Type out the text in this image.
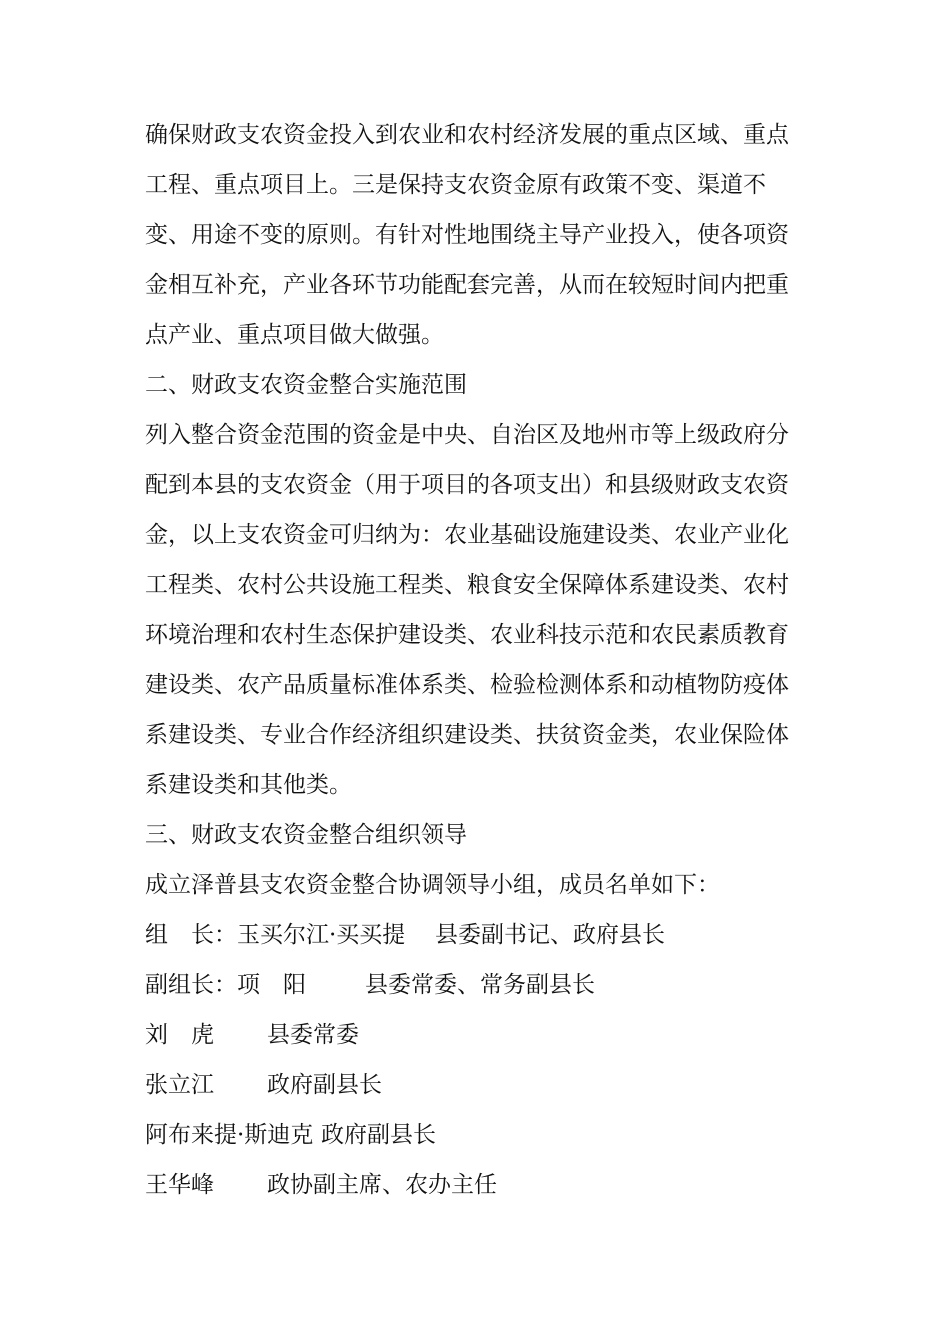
确保财政支农资金投入到农业和农村经济发展的重点区域、重点工程、重点项目上。三是保持支农资金原有政策不变、渠道不变、用途不变的原则。有针对性地围绕主导产业投入，使各项资金相互补充，产业各环节功能配套完善，从而在较短时间内把重点产业、重点项目做大做强。

二、财政支农资金整合实施范围

列入整合资金范围的资金是中央、自治区及地州市等上级政府分配到本县的支农资金（用于项目的各项支出）和县级财政支农资金，以上支农资金可归纳为：农业基础设施建设类、农业产业化工程类、农村公共设施工程类、粮食安全保障体系建设类、农村环境治理和农村生态保护建设类、农业科技示范和农民素质教育建设类、农产品质量标准体系类、检验检测体系和动植物防疫体系建设类、专业合作经济组织建设类、扶贫资金类，农业保险体系建设类和其他类。

三、财政支农资金整合组织领导

成立泽普县支农资金整合协调领导小组，成员名单如下：

组　长：玉买尔江·买买提	县委副书记、政府县长
副组长：项　阳	县委常委、常务副县长
刘　虎	县委常委
张立江	政府副县长
阿布来提·斯迪克 政府副县长
王华峰	政协副主席、农办主任
